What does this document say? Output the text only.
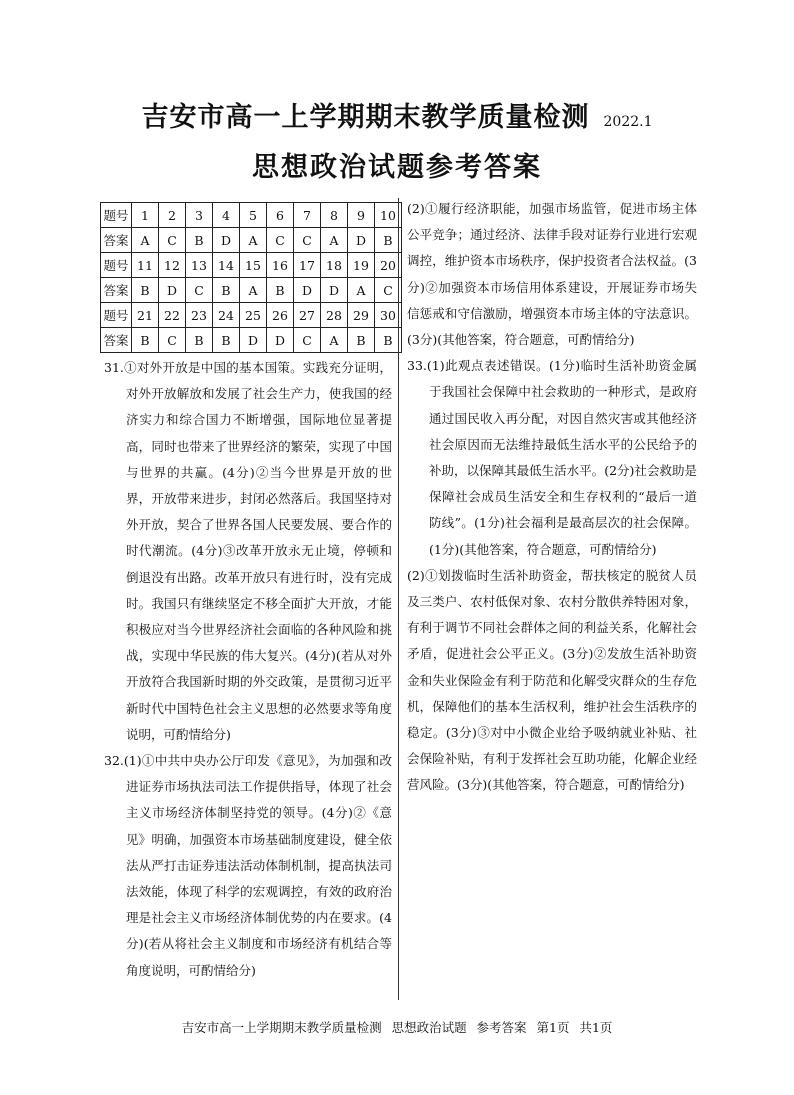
吉安市高一上学期期末教学质量检测 2022.1
思想政治试题参考答案
题号	1	2	3	4	5	6	7	8	9	10
答案	A	C	B	D	A	C	C	A	D	B
题号	11	12	13	14	15	16	17	18	19	20
答案	B	D	C	B	A	B	D	D	A	C
题号	21	22	23	24	25	26	27	28	29	30
答案	B	C	B	B	D	D	C	A	B	B

31.①对外开放是中国的基本国策。实践充分证明，对外开放解放和发展了社会生产力，使我国的经济实力和综合国力不断增强，国际地位显著提高，同时也带来了世界经济的繁荣，实现了中国与世界的共赢。(4分)②当今世界是开放的世界，开放带来进步，封闭必然落后。我国坚持对外开放，契合了世界各国人民要发展、要合作的时代潮流。(4分)③改革开放永无止境，停顿和倒退没有出路。改革开放只有进行时，没有完成时。我国只有继续坚定不移全面扩大开放，才能积极应对当今世界经济社会面临的各种风险和挑战，实现中华民族的伟大复兴。(4分)(若从对外开放符合我国新时期的外交政策，是贯彻习近平新时代中国特色社会主义思想的必然要求等角度说明，可酌情给分)

32.(1)①中共中央办公厅印发《意见》，为加强和改进证券市场执法司法工作提供指导，体现了社会主义市场经济体制坚持党的领导。(4分)②《意见》明确，加强资本市场基础制度建设，健全依法从严打击证券违法活动体制机制，提高执法司法效能，体现了科学的宏观调控，有效的政府治理是社会主义市场经济体制优势的内在要求。(4分)(若从将社会主义制度和市场经济有机结合等角度说明，可酌情给分)

(2)①履行经济职能，加强市场监管，促进市场主体公平竞争；通过经济、法律手段对证券行业进行宏观调控，维护资本市场秩序，保护投资者合法权益。(3分)②加强资本市场信用体系建设，开展证券市场失信惩戒和守信激励，增强资本市场主体的守法意识。(3分)(其他答案，符合题意，可酌情给分)

33.(1)此观点表述错误。(1分)临时生活补助资金属于我国社会保障中社会救助的一种形式，是政府通过国民收入再分配，对因自然灾害或其他经济社会原因而无法维持最低生活水平的公民给予的补助，以保障其最低生活水平。(2分)社会救助是保障社会成员生活安全和生存权利的“最后一道防线”。(1分)社会福利是最高层次的社会保障。(1分)(其他答案，符合题意，可酌情给分)

(2)①划拨临时生活补助资金，帮扶核定的脱贫人员及三类户、农村低保对象、农村分散供养特困对象，有利于调节不同社会群体之间的利益关系，化解社会矛盾，促进社会公平正义。(3分)②发放生活补助资金和失业保险金有利于防范和化解受灾群众的生存危机，保障他们的基本生活权利，维护社会生活秩序的稳定。(3分)③对中小微企业给予吸纳就业补贴、社会保险补贴，有利于发挥社会互助功能，化解企业经营风险。(3分)(其他答案，符合题意，可酌情给分)

吉安市高一上学期期末教学质量检测 思想政治试题 参考答案 第1页 共1页
